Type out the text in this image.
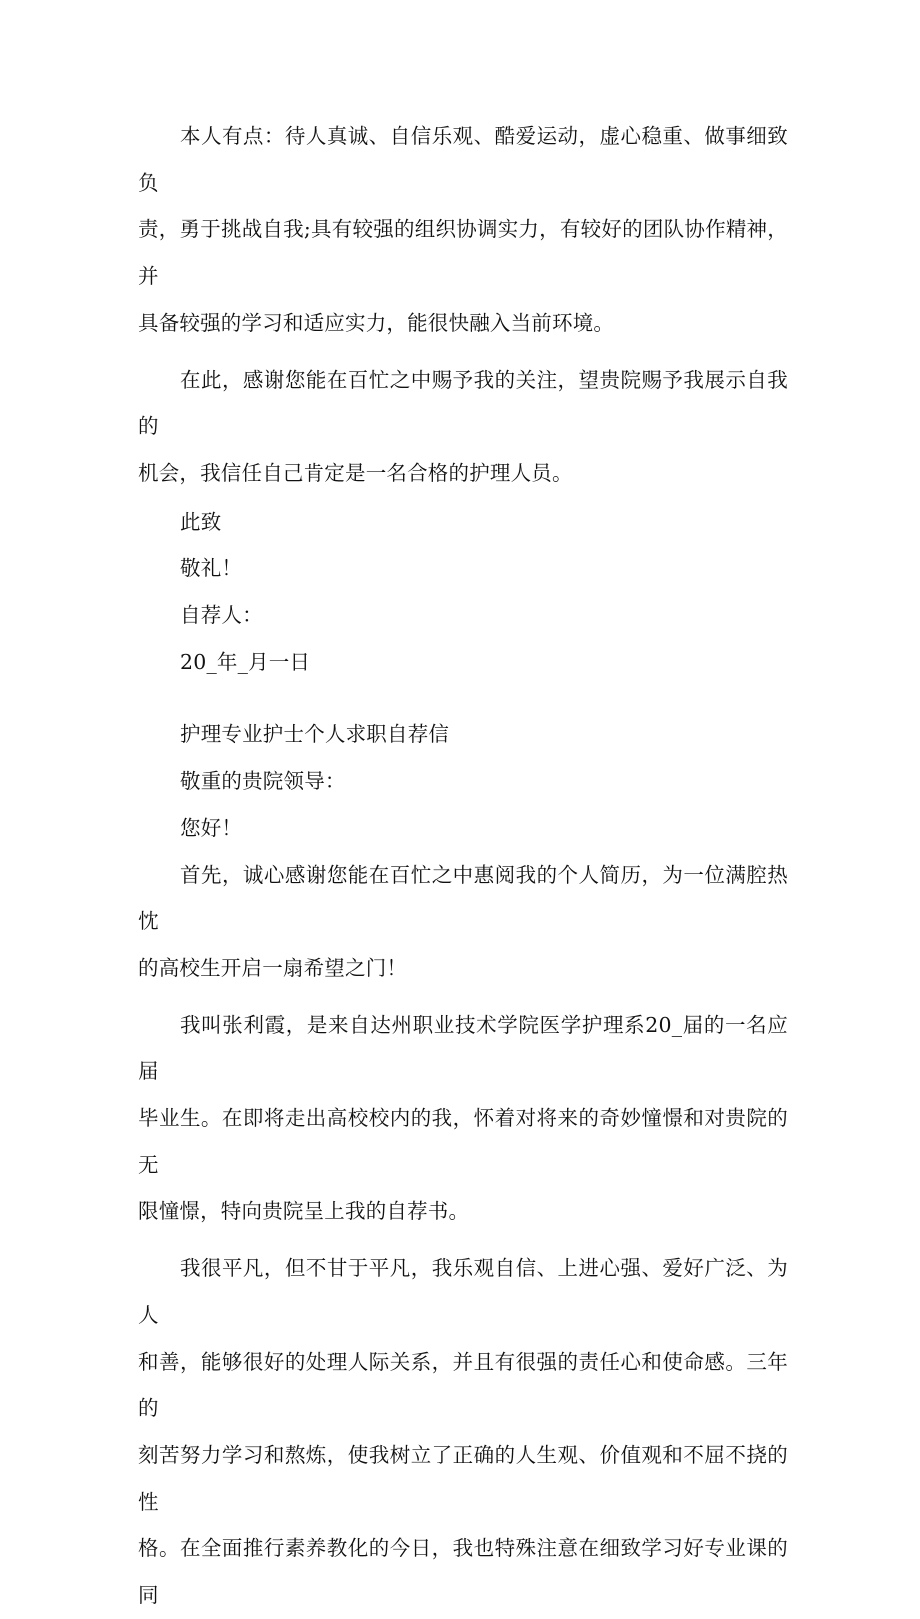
本人有点：待人真诚、自信乐观、酷爱运动，虚心稳重、做事细致负
责，勇于挑战自我;具有较强的组织协调实力，有较好的团队协作精神，并
具备较强的学习和适应实力，能很快融入当前环境。
在此，感谢您能在百忙之中赐予我的关注，望贵院赐予我展示自我的
机会，我信任自己肯定是一名合格的护理人员。

此致

敬礼！

自荐人：

20_年_月一日

护理专业护士个人求职自荐信

敬重的贵院领导：

您好！

首先，诚心感谢您能在百忙之中惠阅我的个人简历，为一位满腔热忱
的高校生开启一扇希望之门！
我叫张利霞，是来自达州职业技术学院医学护理系20_届的一名应届
毕业生。在即将走出高校校内的我，怀着对将来的奇妙憧憬和对贵院的无
限憧憬，特向贵院呈上我的自荐书。
我很平凡，但不甘于平凡，我乐观自信、上进心强、爱好广泛、为人
和善，能够很好的处理人际关系，并且有很强的责任心和使命感。三年的
刻苦努力学习和熬炼，使我树立了正确的人生观、价值观和不屈不挠的性
格。在全面推行素养教化的今日，我也特殊注意在细致学习好专业课的同
